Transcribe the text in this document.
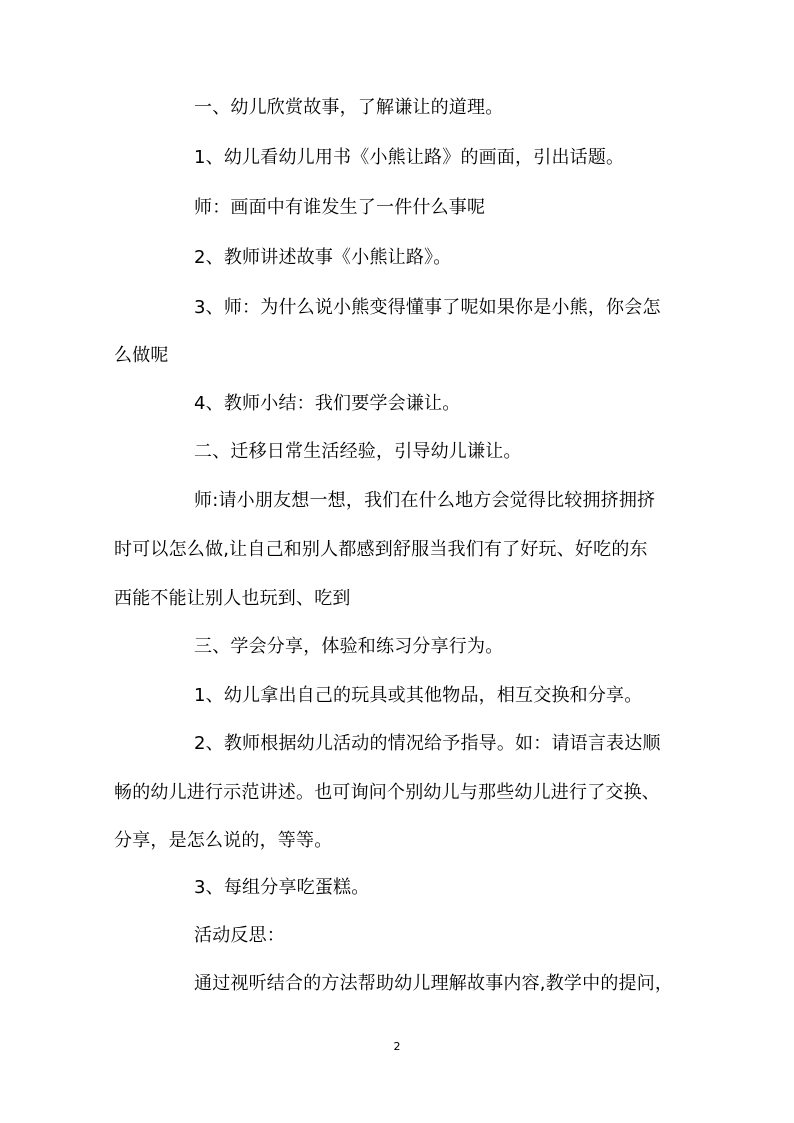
一、幼儿欣赏故事，了解谦让的道理。
1、幼儿看幼儿用书《小熊让路》的画面，引出话题。
师：画面中有谁发生了一件什么事呢
2、教师讲述故事《小熊让路》。
3、师：为什么说小熊变得懂事了呢如果你是小熊，你会怎
么做呢
4、教师小结：我们要学会谦让。
二、迁移日常生活经验，引导幼儿谦让。
师:请小朋友想一想，我们在什么地方会觉得比较拥挤拥挤
时可以怎么做,让自己和别人都感到舒服当我们有了好玩、好吃的东
西能不能让别人也玩到、吃到
三、学会分享，体验和练习分享行为。
1、幼儿拿出自己的玩具或其他物品，相互交换和分享。
2、教师根据幼儿活动的情况给予指导。如：请语言表达顺
畅的幼儿进行示范讲述。也可询问个别幼儿与那些幼儿进行了交换、
分享，是怎么说的，等等。
3、每组分享吃蛋糕。
活动反思：
通过视听结合的方法帮助幼儿理解故事内容,教学中的提问，
2
